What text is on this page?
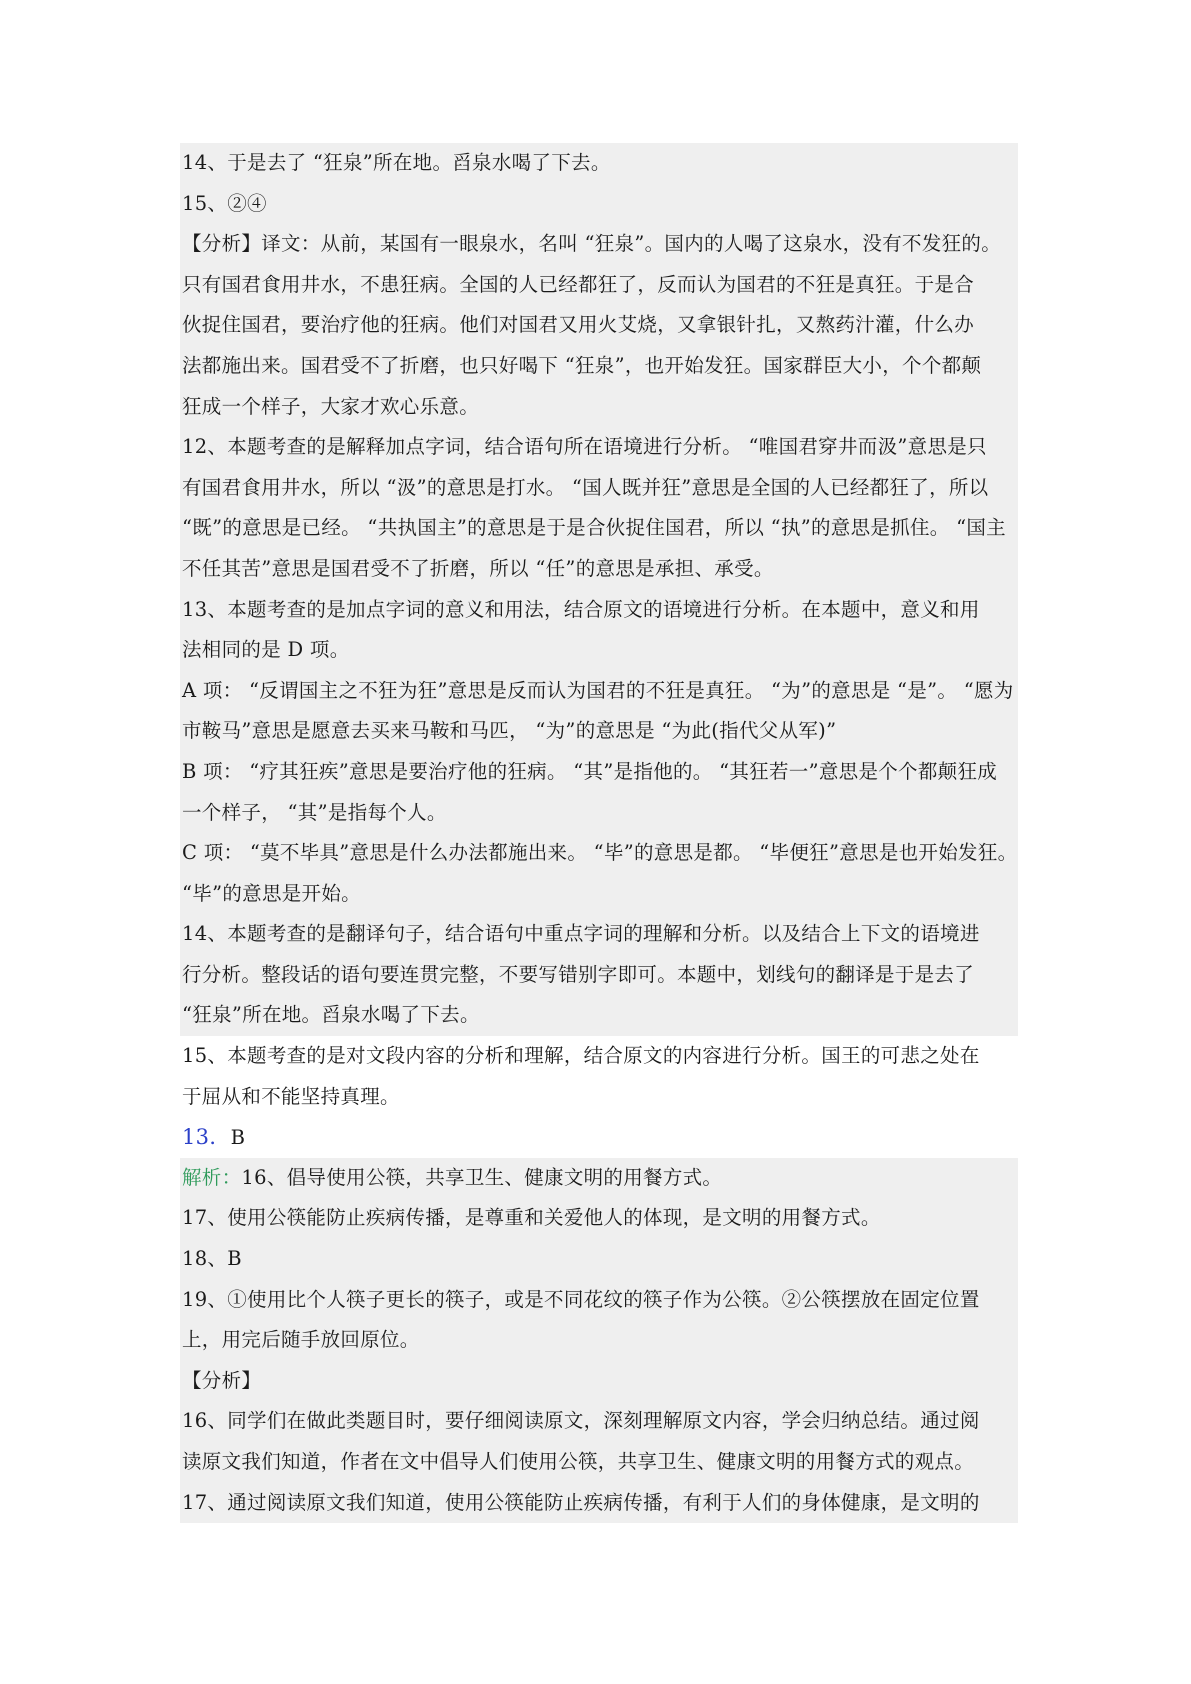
14、于是去了 “狂泉”所在地。舀泉水喝了下去。
15、②④
【分析】译文：从前，某国有一眼泉水，名叫 “狂泉”。国内的人喝了这泉水，没有不发狂的。
只有国君食用井水，不患狂病。全国的人已经都狂了，反而认为国君的不狂是真狂。于是合
伙捉住国君，要治疗他的狂病。他们对国君又用火艾烧，又拿银针扎，又熬药汁灌，什么办
法都施出来。国君受不了折磨，也只好喝下 “狂泉”，也开始发狂。国家群臣大小，个个都颠
狂成一个样子，大家才欢心乐意。
12、本题考查的是解释加点字词，结合语句所在语境进行分析。 “唯国君穿井而汲”意思是只
有国君食用井水，所以 “汲”的意思是打水。 “国人既并狂”意思是全国的人已经都狂了，所以
“既”的意思是已经。 “共执国主”的意思是于是合伙捉住国君，所以 “执”的意思是抓住。 “国主
不任其苦”意思是国君受不了折磨，所以 “任”的意思是承担、承受。
13、本题考查的是加点字词的意义和用法，结合原文的语境进行分析。在本题中，意义和用
法相同的是 D 项。
A 项： “反谓国主之不狂为狂”意思是反而认为国君的不狂是真狂。 “为”的意思是 “是”。 “愿为
市鞍马”意思是愿意去买来马鞍和马匹， “为”的意思是 “为此(指代父从军)”
B 项： “疗其狂疾”意思是要治疗他的狂病。 “其”是指他的。 “其狂若一”意思是个个都颠狂成
一个样子， “其”是指每个人。
C 项： “莫不毕具”意思是什么办法都施出来。 “毕”的意思是都。 “毕便狂”意思是也开始发狂。
“毕”的意思是开始。
14、本题考查的是翻译句子，结合语句中重点字词的理解和分析。以及结合上下文的语境进
行分析。整段话的语句要连贯完整，不要写错别字即可。本题中，划线句的翻译是于是去了
“狂泉”所在地。舀泉水喝了下去。
15、本题考查的是对文段内容的分析和理解，结合原文的内容进行分析。国王的可悲之处在
于屈从和不能坚持真理。
13．B
解析：16、倡导使用公筷，共享卫生、健康文明的用餐方式。
17、使用公筷能防止疾病传播，是尊重和关爱他人的体现，是文明的用餐方式。
18、B
19、①使用比个人筷子更长的筷子，或是不同花纹的筷子作为公筷。②公筷摆放在固定位置
上，用完后随手放回原位。
【分析】
16、同学们在做此类题目时，要仔细阅读原文，深刻理解原文内容，学会归纳总结。通过阅
读原文我们知道，作者在文中倡导人们使用公筷，共享卫生、健康文明的用餐方式的观点。
17、通过阅读原文我们知道，使用公筷能防止疾病传播，有利于人们的身体健康，是文明的
